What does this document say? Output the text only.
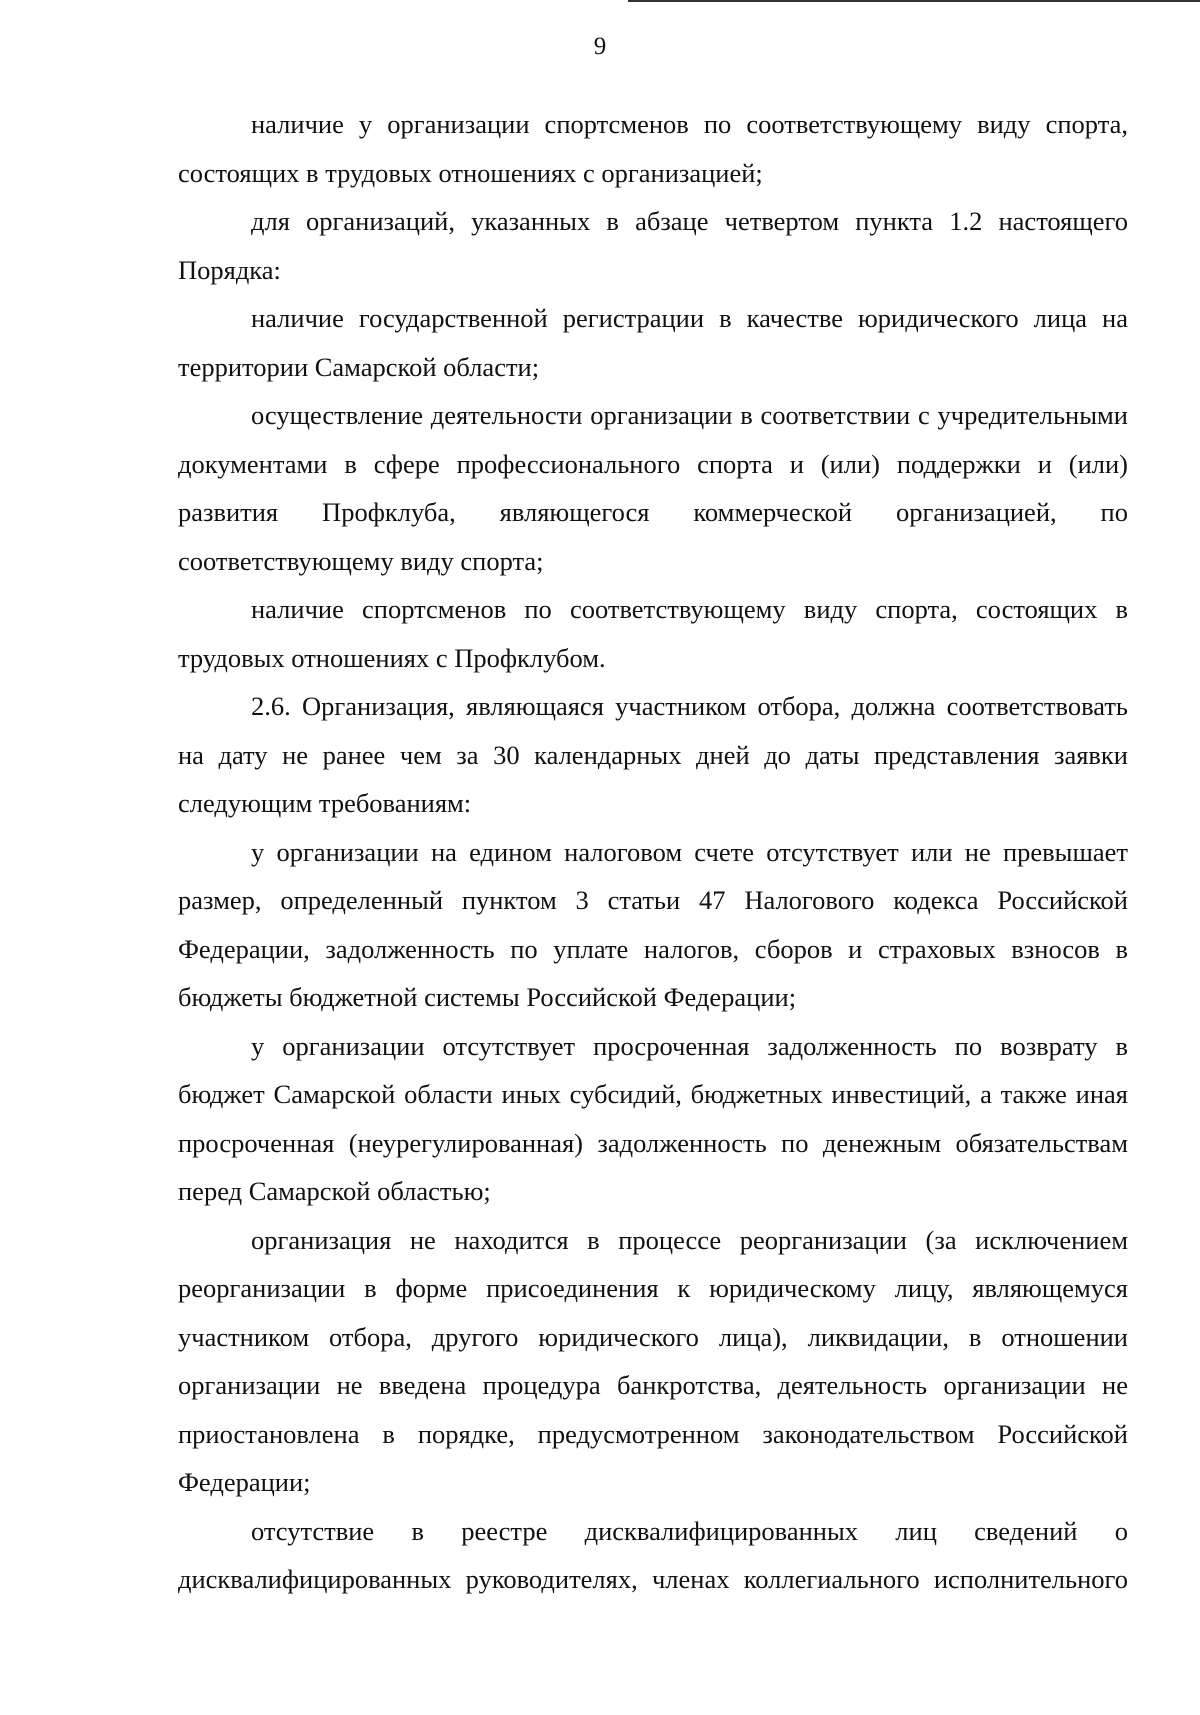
9

наличие у организации спортсменов по соответствующему виду спорта, состоящих в трудовых отношениях с организацией;

для организаций, указанных в абзаце четвертом пункта 1.2 настоящего Порядка:

наличие государственной регистрации в качестве юридического лица на территории Самарской области;

осуществление деятельности организации в соответствии с учредительными документами в сфере профессионального спорта и (или) поддержки и (или) развития Профклуба, являющегося коммерческой организацией, по соответствующему виду спорта;

наличие спортсменов по соответствующему виду спорта, состоящих в трудовых отношениях с Профклубом.

2.6. Организация, являющаяся участником отбора, должна соответствовать на дату не ранее чем за 30 календарных дней до даты представления заявки следующим требованиям:

у организации на едином налоговом счете отсутствует или не превышает размер, определенный пунктом 3 статьи 47 Налогового кодекса Российской Федерации, задолженность по уплате налогов, сборов и страховых взносов в бюджеты бюджетной системы Российской Федерации;

у организации отсутствует просроченная задолженность по возврату в бюджет Самарской области иных субсидий, бюджетных инвестиций, а также иная просроченная (неурегулированная) задолженность по денежным обязательствам перед Самарской областью;

организация не находится в процессе реорганизации (за исключением реорганизации в форме присоединения к юридическому лицу, являющемуся участником отбора, другого юридического лица), ликвидации, в отношении организации не введена процедура банкротства, деятельность организации не приостановлена в порядке, предусмотренном законодательством Российской Федерации;

отсутствие в реестре дисквалифицированных лиц сведений о дисквалифицированных руководителях, членах коллегиального исполнительного
